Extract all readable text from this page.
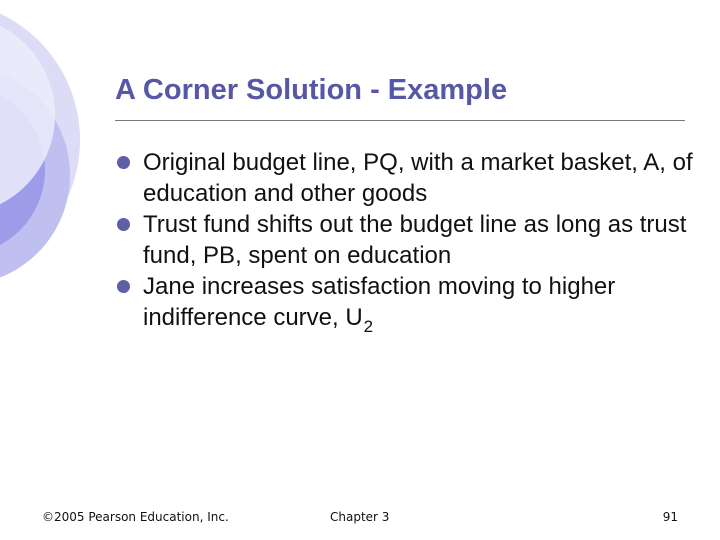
A Corner Solution - Example
Original budget line, PQ, with a market basket, A, of education and other goods
Trust fund shifts out the budget line as long as trust fund, PB, spent on education
Jane increases satisfaction moving to higher indifference curve, $U_2$
©2005 Pearson Education, Inc.	Chapter 3	91
